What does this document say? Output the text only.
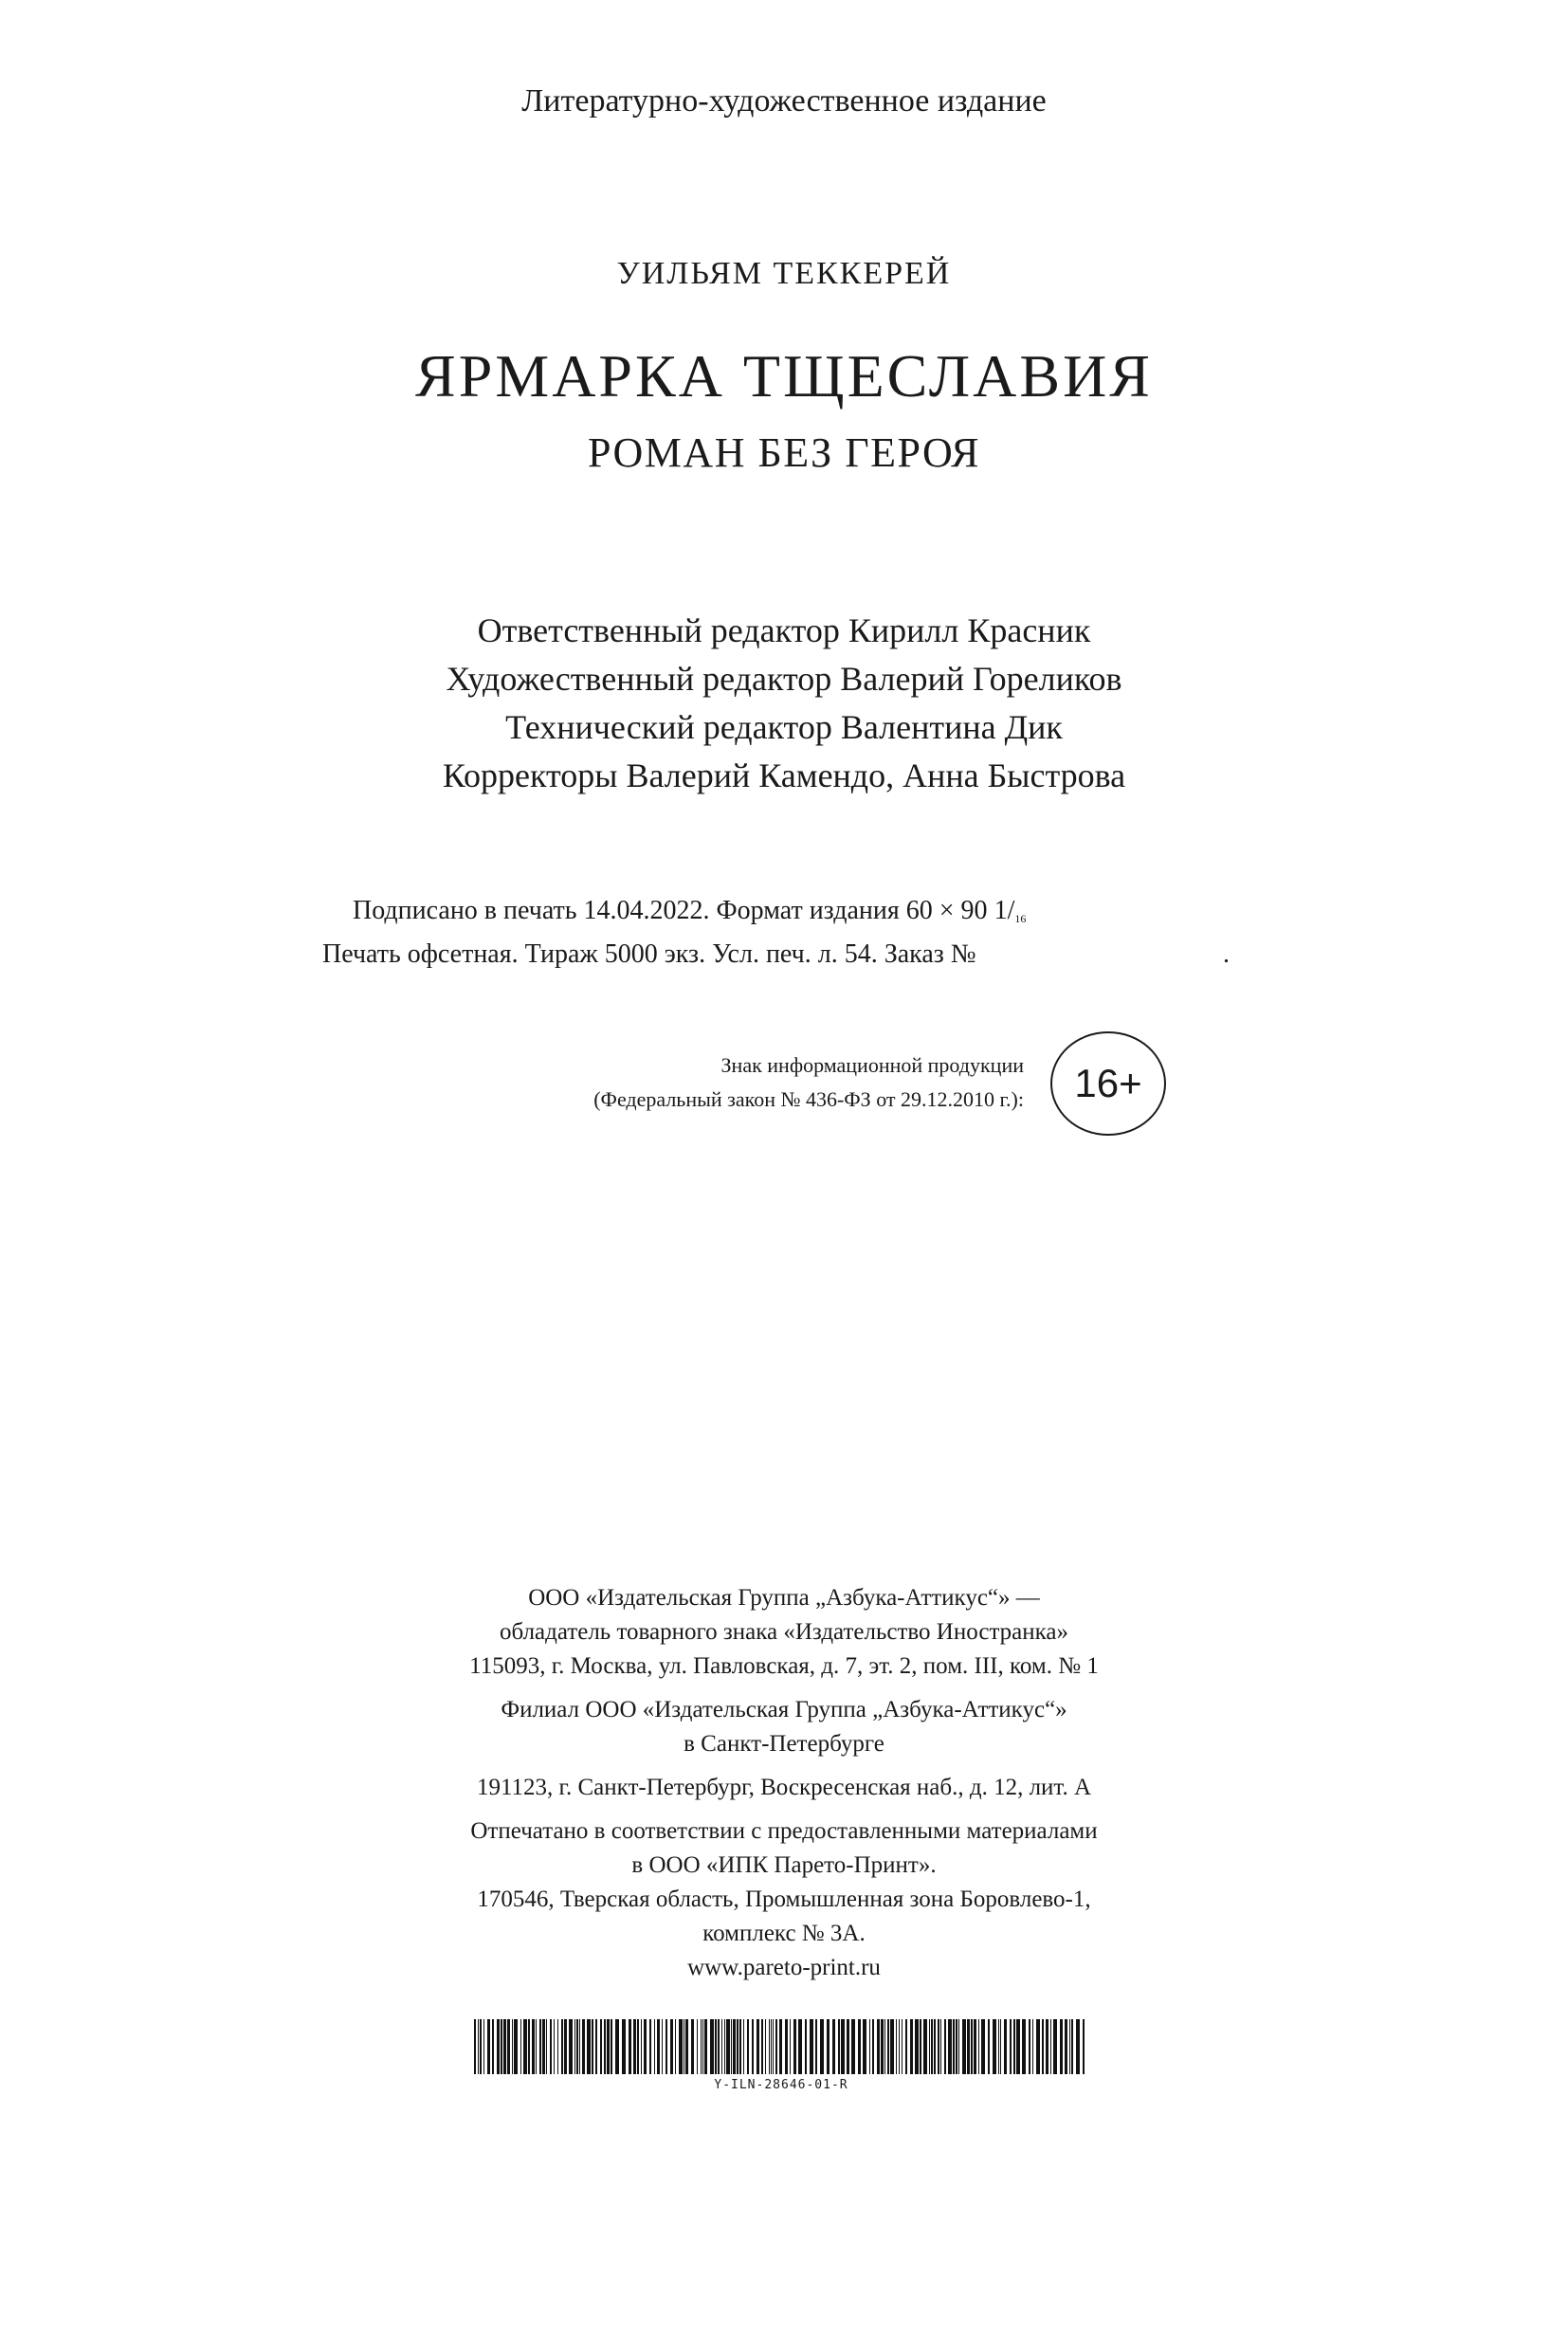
Литературно-художественное издание
УИЛЬЯМ ТЕККЕРЕЙ
ЯРМАРКА ТЩЕСЛАВИЯ
РОМАН БЕЗ ГЕРОЯ
Ответственный редактор Кирилл Красник
Художественный редактор Валерий Гореликов
Технический редактор Валентина Дик
Корректоры Валерий Камендо, Анна Быстрова
Подписано в печать 14.04.2022. Формат издания 60 × 90 $1/_{16}$
Печать офсетная. Тираж 5000 экз. Усл. печ. л. 54. Заказ №	.
Знак информационной продукции
(Федеральный закон № 436-ФЗ от 29.12.2010 г.):	16+
ООО «Издательская Группа „Азбука-Аттикус“» —
обладатель товарного знака «Издательство Иностранка»
115093, г. Москва, ул. Павловская, д. 7, эт. 2, пом. III, ком. № 1
Филиал ООО «Издательская Группа „Азбука-Аттикус“»
в Санкт-Петербурге
191123, г. Санкт-Петербург, Воскресенская наб., д. 12, лит. А
Отпечатано в соответствии с предоставленными материалами
в ООО «ИПК Парето-Принт».
170546, Тверская область, Промышленная зона Боровлево-1,
комплекс № 3А.
www.pareto-print.ru
Y-ILN-28646-01-R
